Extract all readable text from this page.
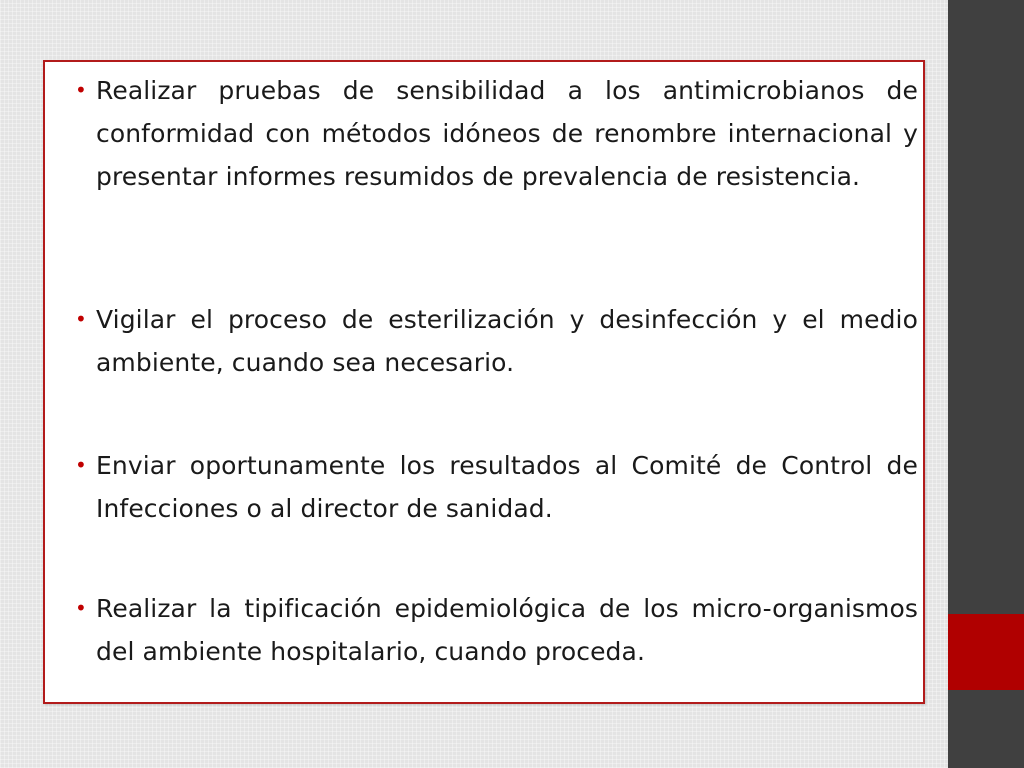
• Realizar pruebas de sensibilidad a los antimicrobianos de conformidad con métodos idóneos de renombre internacional y presentar informes resumidos de prevalencia de resistencia.
• Vigilar el proceso de esterilización y desinfección y el medio ambiente, cuando sea necesario.
• Enviar oportunamente los resultados al Comité de Control de Infecciones o al director de sanidad.
• Realizar la tipificación epidemiológica de los micro-organismos del ambiente hospitalario, cuando proceda.
